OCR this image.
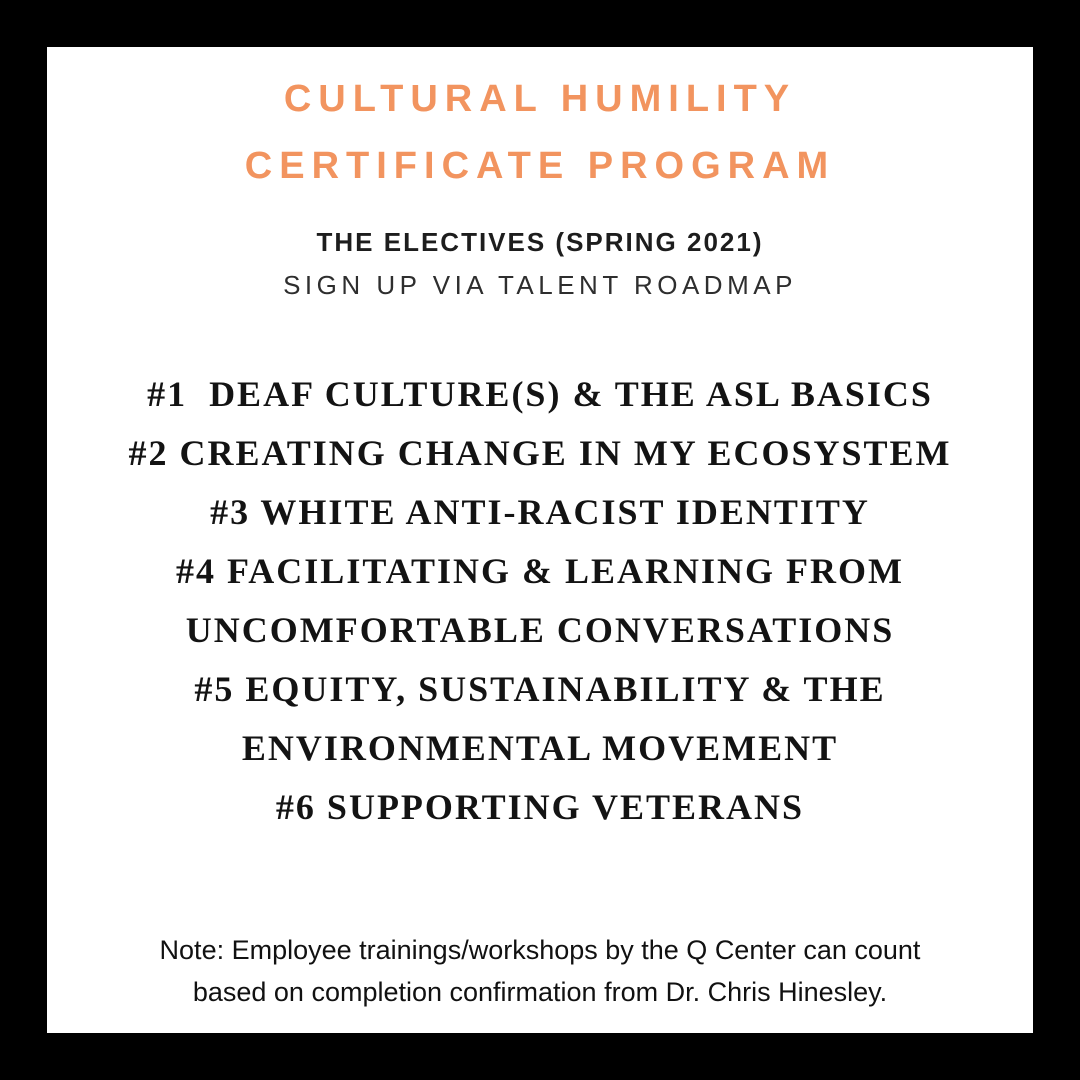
CULTURAL HUMILITY
CERTIFICATE PROGRAM
THE ELECTIVES (SPRING 2021)
SIGN UP VIA TALENT ROADMAP
#1  DEAF CULTURE(S) & THE ASL BASICS
#2 CREATING CHANGE IN MY ECOSYSTEM
#3 WHITE ANTI-RACIST IDENTITY
#4 FACILITATING & LEARNING FROM
UNCOMFORTABLE CONVERSATIONS
#5 EQUITY, SUSTAINABILITY & THE
ENVIRONMENTAL MOVEMENT
#6 SUPPORTING VETERANS
Note: Employee trainings/workshops by the Q Center can count
based on completion confirmation from Dr. Chris Hinesley.
